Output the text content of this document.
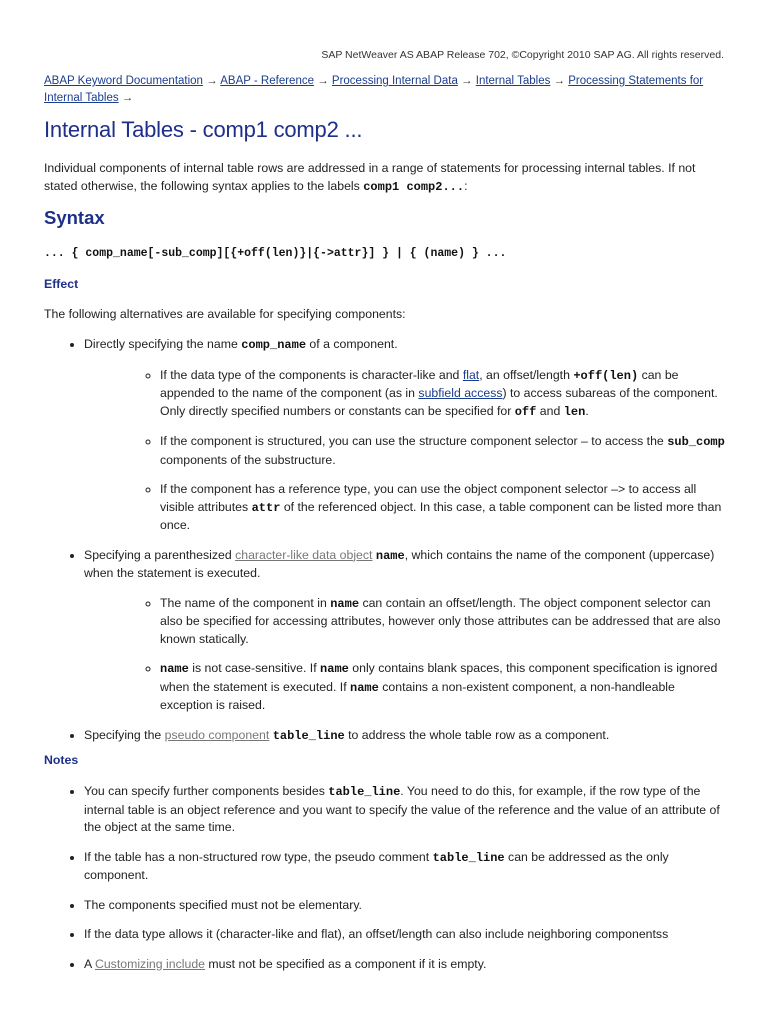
SAP NetWeaver AS ABAP Release 702, ©Copyright 2010 SAP AG. All rights reserved.
ABAP Keyword Documentation → ABAP - Reference → Processing Internal Data → Internal Tables → Processing Statements for Internal Tables →
Internal Tables - comp1 comp2 ...
Individual components of internal table rows are addressed in a range of statements for processing internal tables. If not stated otherwise, the following syntax applies to the labels comp1 comp2...:
Syntax
... { comp_name[-sub_comp][{+off(len)}|{->attr}] } | { (name) } ...
Effect
The following alternatives are available for specifying components:
• Directly specifying the name comp_name of a component.
◦ If the data type of the components is character-like and flat, an offset/length +off(len) can be appended to the name of the component (as in subfield access) to access subareas of the component. Only directly specified numbers or constants can be specified for off and len.
◦ If the component is structured, you can use the structure component selector – to access the sub_comp components of the substructure.
◦ If the component has a reference type, you can use the object component selector –> to access all visible attributes attr of the referenced object. In this case, a table component can be listed more than once.
• Specifying a parenthesized character-like data object name, which contains the name of the component (uppercase) when the statement is executed.
◦ The name of the component in name can contain an offset/length. The object component selector can also be specified for accessing attributes, however only those attributes can be addressed that are also known statically.
◦ name is not case-sensitive. If name only contains blank spaces, this component specification is ignored when the statement is executed. If name contains a non-existent component, a non-handleable exception is raised.
• Specifying the pseudo component table_line to address the whole table row as a component.
Notes
• You can specify further components besides table_line. You need to do this, for example, if the row type of the internal table is an object reference and you want to specify the value of the reference and the value of an attribute of the object at the same time.
• If the table has a non-structured row type, the pseudo comment table_line can be addressed as the only component.
• The components specified must not be elementary.
• If the data type allows it (character-like and flat), an offset/length can also include neighboring componentss
• A Customizing include must not be specified as a component if it is empty.
